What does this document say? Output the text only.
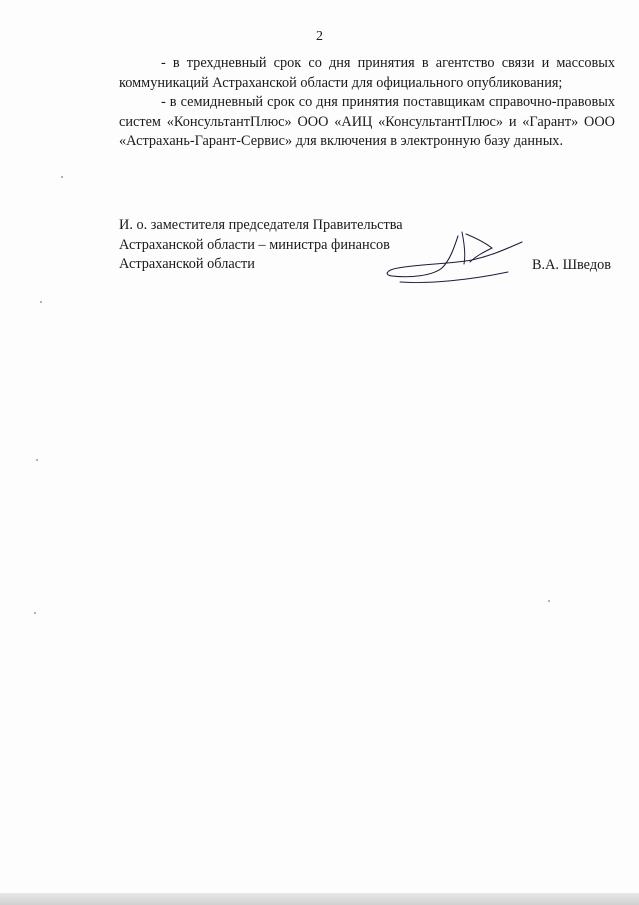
2

- в трехдневный срок со дня принятия в агентство связи и массовых коммуникаций Астраханской области для официального опубликования;

- в семидневный срок со дня принятия поставщикам справочно-правовых систем «КонсультантПлюс» ООО «АИЦ «КонсультантПлюс» и «Гарант» ООО «Астрахань-Гарант-Сервис» для включения в электронную базу данных.

И. о. заместителя председателя Правительства
Астраханской области – министра финансов
Астраханской области	В.А. Шведов
